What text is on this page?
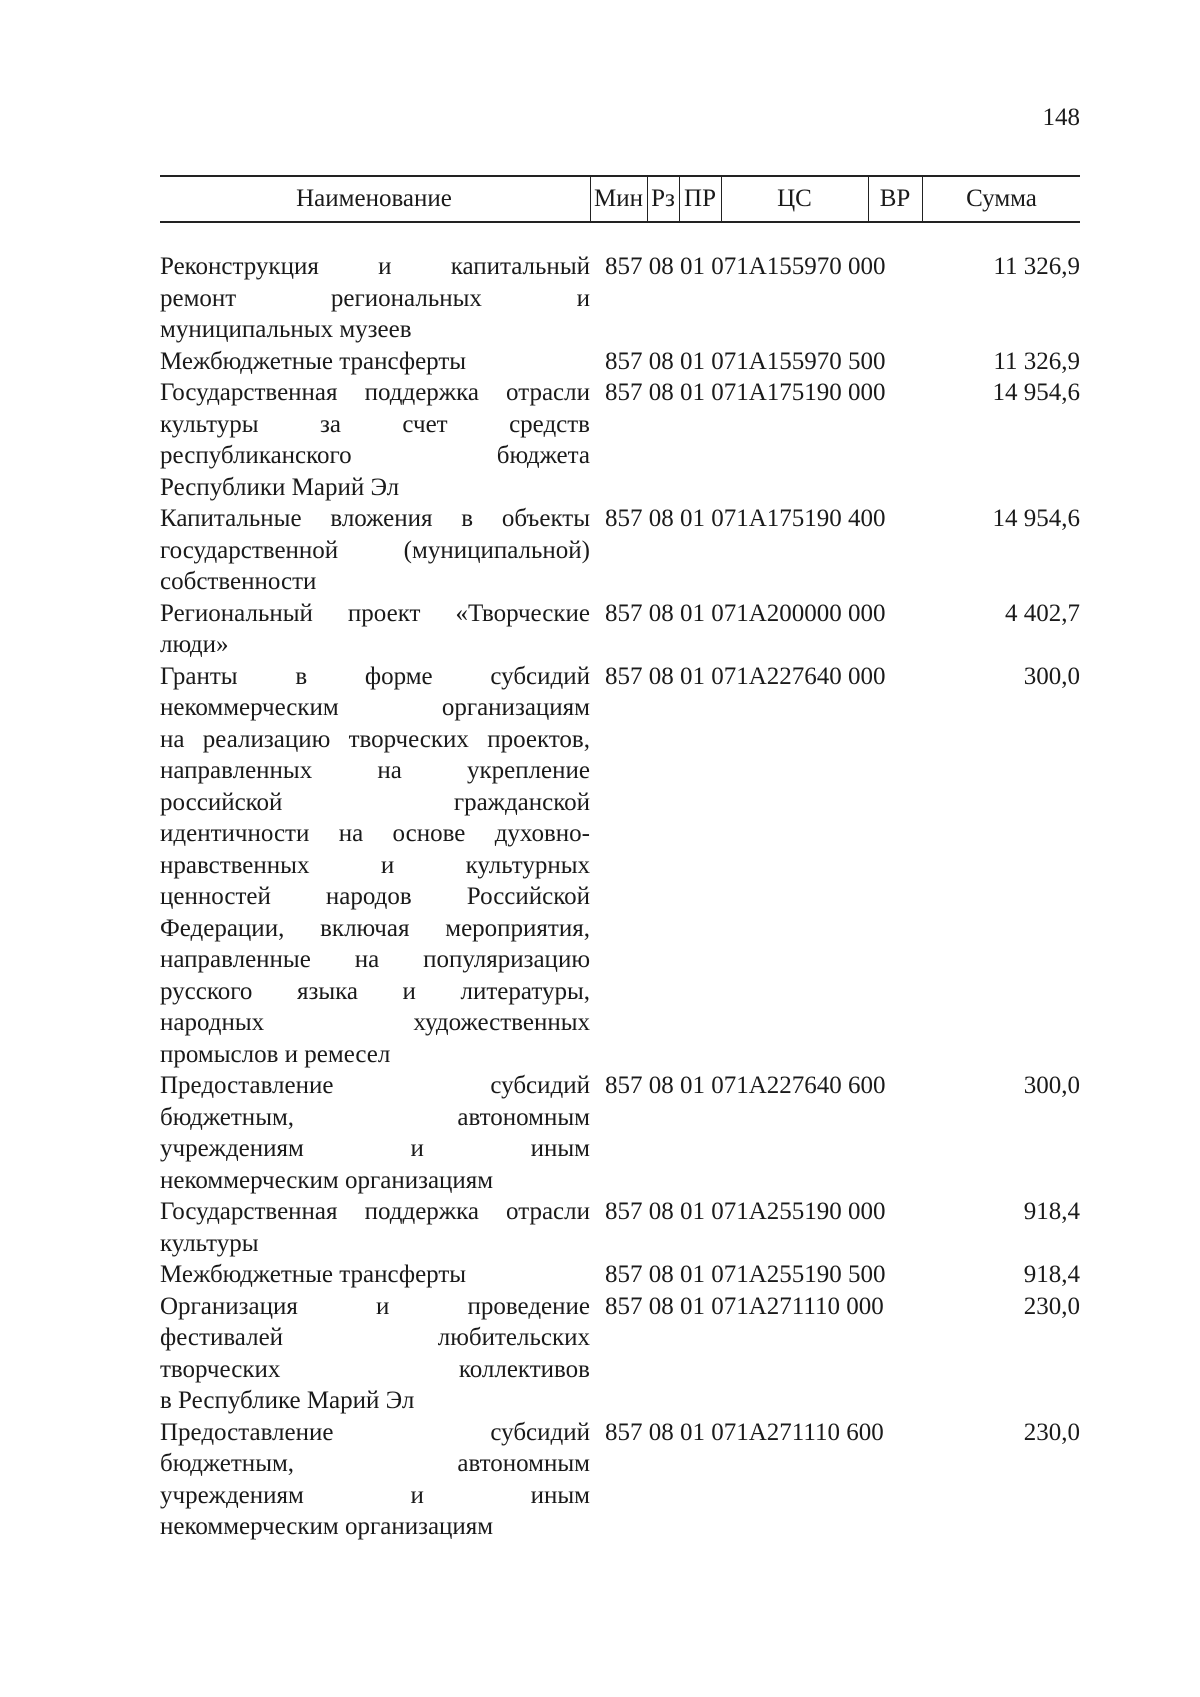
148
Наименование	Мин Рз ПР	ЦС	ВР	Сумма
Реконструкция и капитальный
ремонт региональных и
муниципальных музеев
857 08 01 071А155970 000	11 326,9
Межбюджетные трансферты	857 08 01 071А155970 500	11 326,9
Государственная поддержка отрасли
культуры за счет средств
республиканского бюджета
Республики Марий Эл
857 08 01 071А175190 000	14 954,6
Капитальные вложения в объекты
государственной (муниципальной)
собственности
857 08 01 071А175190 400	14 954,6
Региональный проект «Творческие
люди»
857 08 01 071А200000 000	4 402,7
Гранты в форме субсидий
некоммерческим организациям
на реализацию творческих проектов,
направленных на укрепление
российской гражданской
идентичности на основе духовно-
нравственных и культурных
ценностей народов Российской
Федерации, включая мероприятия,
направленные на популяризацию
русского языка и литературы,
народных художественных
промыслов и ремесел
857 08 01 071А227640 000	300,0
Предоставление субсидий
бюджетным, автономным
учреждениям и иным
некоммерческим организациям
857 08 01 071А227640 600	300,0
Государственная поддержка отрасли
культуры
857 08 01 071А255190 000	918,4
Межбюджетные трансферты	857 08 01 071А255190 500	918,4
Организация и проведение
фестивалей любительских
творческих коллективов
в Республике Марий Эл
857 08 01 071А271110 000	230,0
Предоставление субсидий
бюджетным, автономным
учреждениям и иным
некоммерческим организациям
857 08 01 071А271110 600	230,0
